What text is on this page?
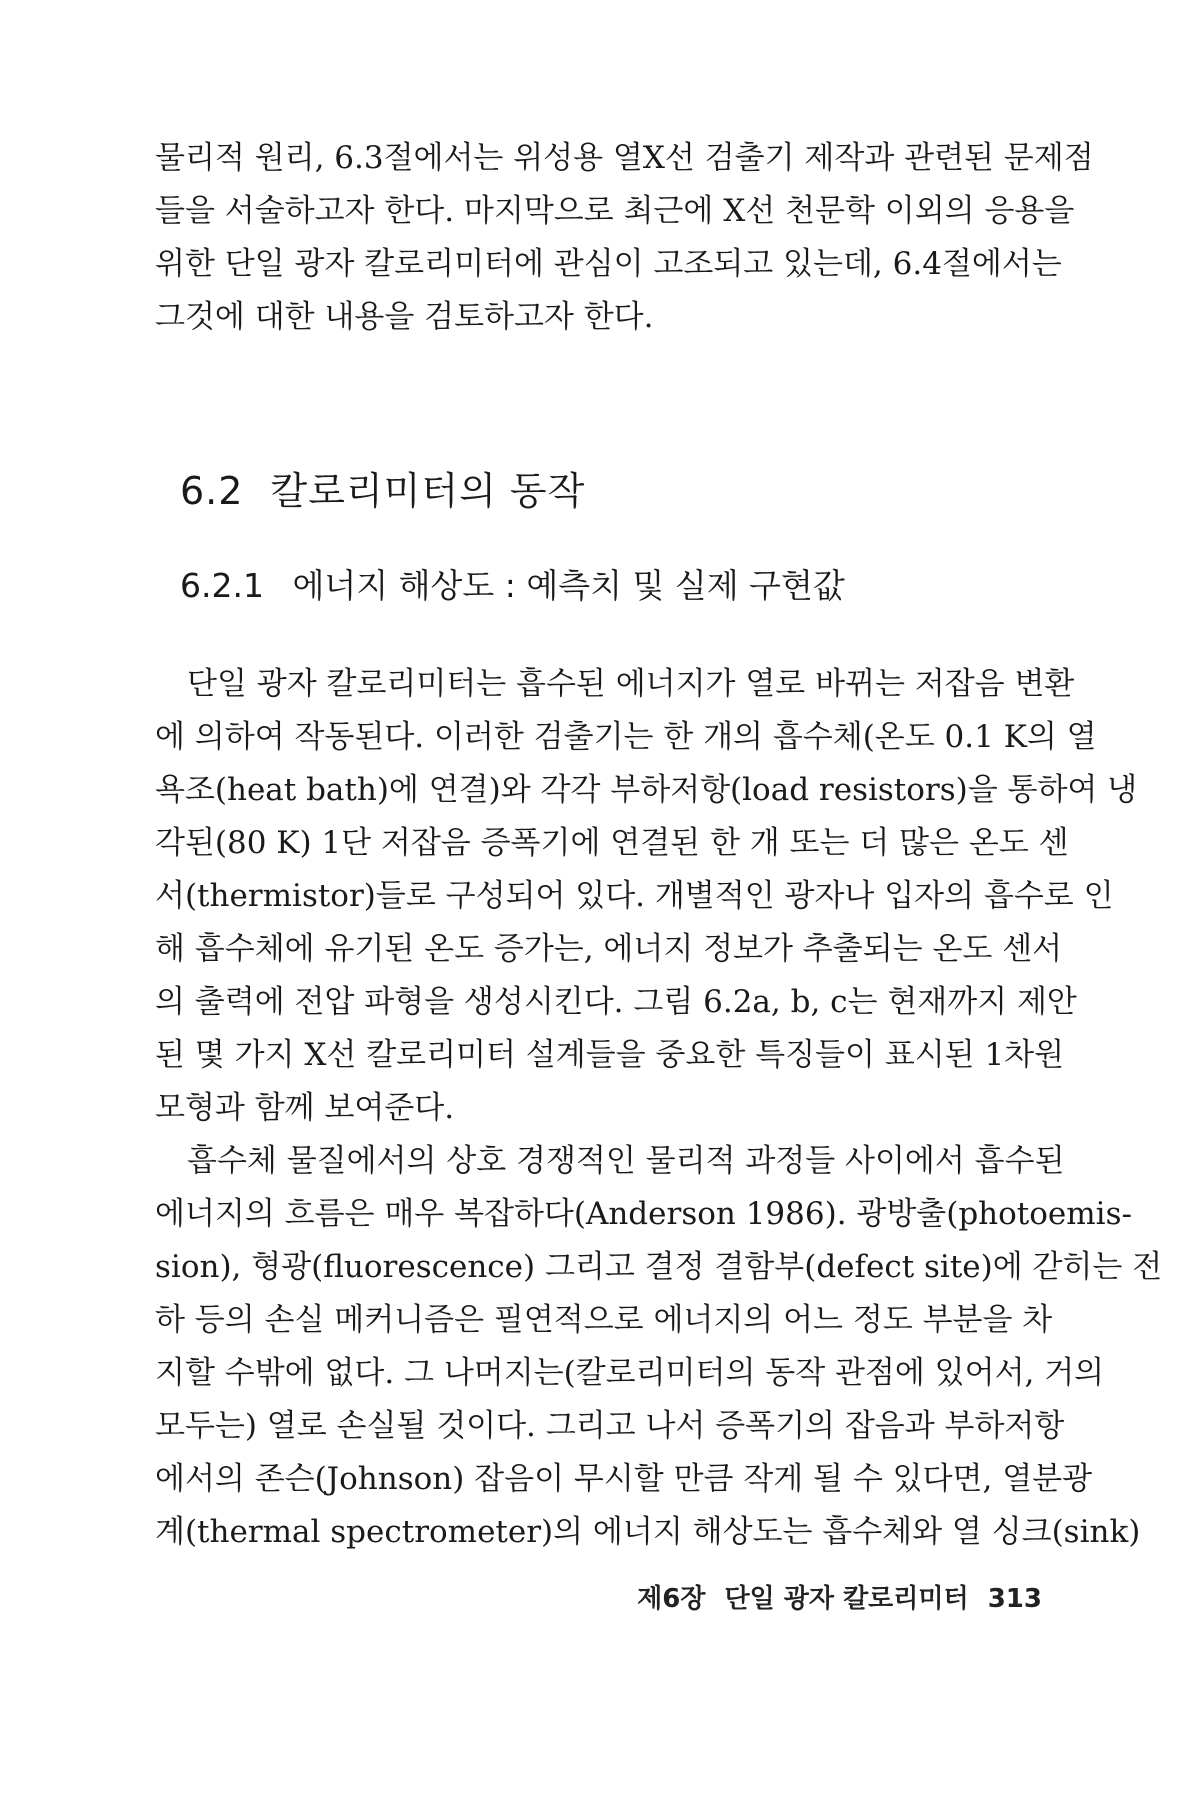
물리적 원리, 6.3절에서는 위성용 열X선 검출기 제작과 관련된 문제점
들을 서술하고자 한다. 마지막으로 최근에 X선 천문학 이외의 응용을
위한 단일 광자 칼로리미터에 관심이 고조되고 있는데, 6.4절에서는
그것에 대한 내용을 검토하고자 한다.
6.2 칼로리미터의 동작
6.2.1 에너지 해상도 : 예측치 및 실제 구현값
단일 광자 칼로리미터는 흡수된 에너지가 열로 바뀌는 저잡음 변환
에 의하여 작동된다. 이러한 검출기는 한 개의 흡수체(온도 0.1 K의 열
욕조(heat bath)에 연결)와 각각 부하저항(load resistors)을 통하여 냉
각된(80 K) 1단 저잡음 증폭기에 연결된 한 개 또는 더 많은 온도 센
서(thermistor)들로 구성되어 있다. 개별적인 광자나 입자의 흡수로 인
해 흡수체에 유기된 온도 증가는, 에너지 정보가 추출되는 온도 센서
의 출력에 전압 파형을 생성시킨다. 그림 6.2a, b, c는 현재까지 제안
된 몇 가지 X선 칼로리미터 설계들을 중요한 특징들이 표시된 1차원
모형과 함께 보여준다.
흡수체 물질에서의 상호 경쟁적인 물리적 과정들 사이에서 흡수된
에너지의 흐름은 매우 복잡하다(Anderson 1986). 광방출(photoemis-
sion), 형광(fluorescence) 그리고 결정 결함부(defect site)에 갇히는 전
하 등의 손실 메커니즘은 필연적으로 에너지의 어느 정도 부분을 차
지할 수밖에 없다. 그 나머지는(칼로리미터의 동작 관점에 있어서, 거의
모두는) 열로 손실될 것이다. 그리고 나서 증폭기의 잡음과 부하저항
에서의 존슨(Johnson) 잡음이 무시할 만큼 작게 될 수 있다면, 열분광
계(thermal spectrometer)의 에너지 해상도는 흡수체와 열 싱크(sink)
제6장 단일 광자 칼로리미터 313
